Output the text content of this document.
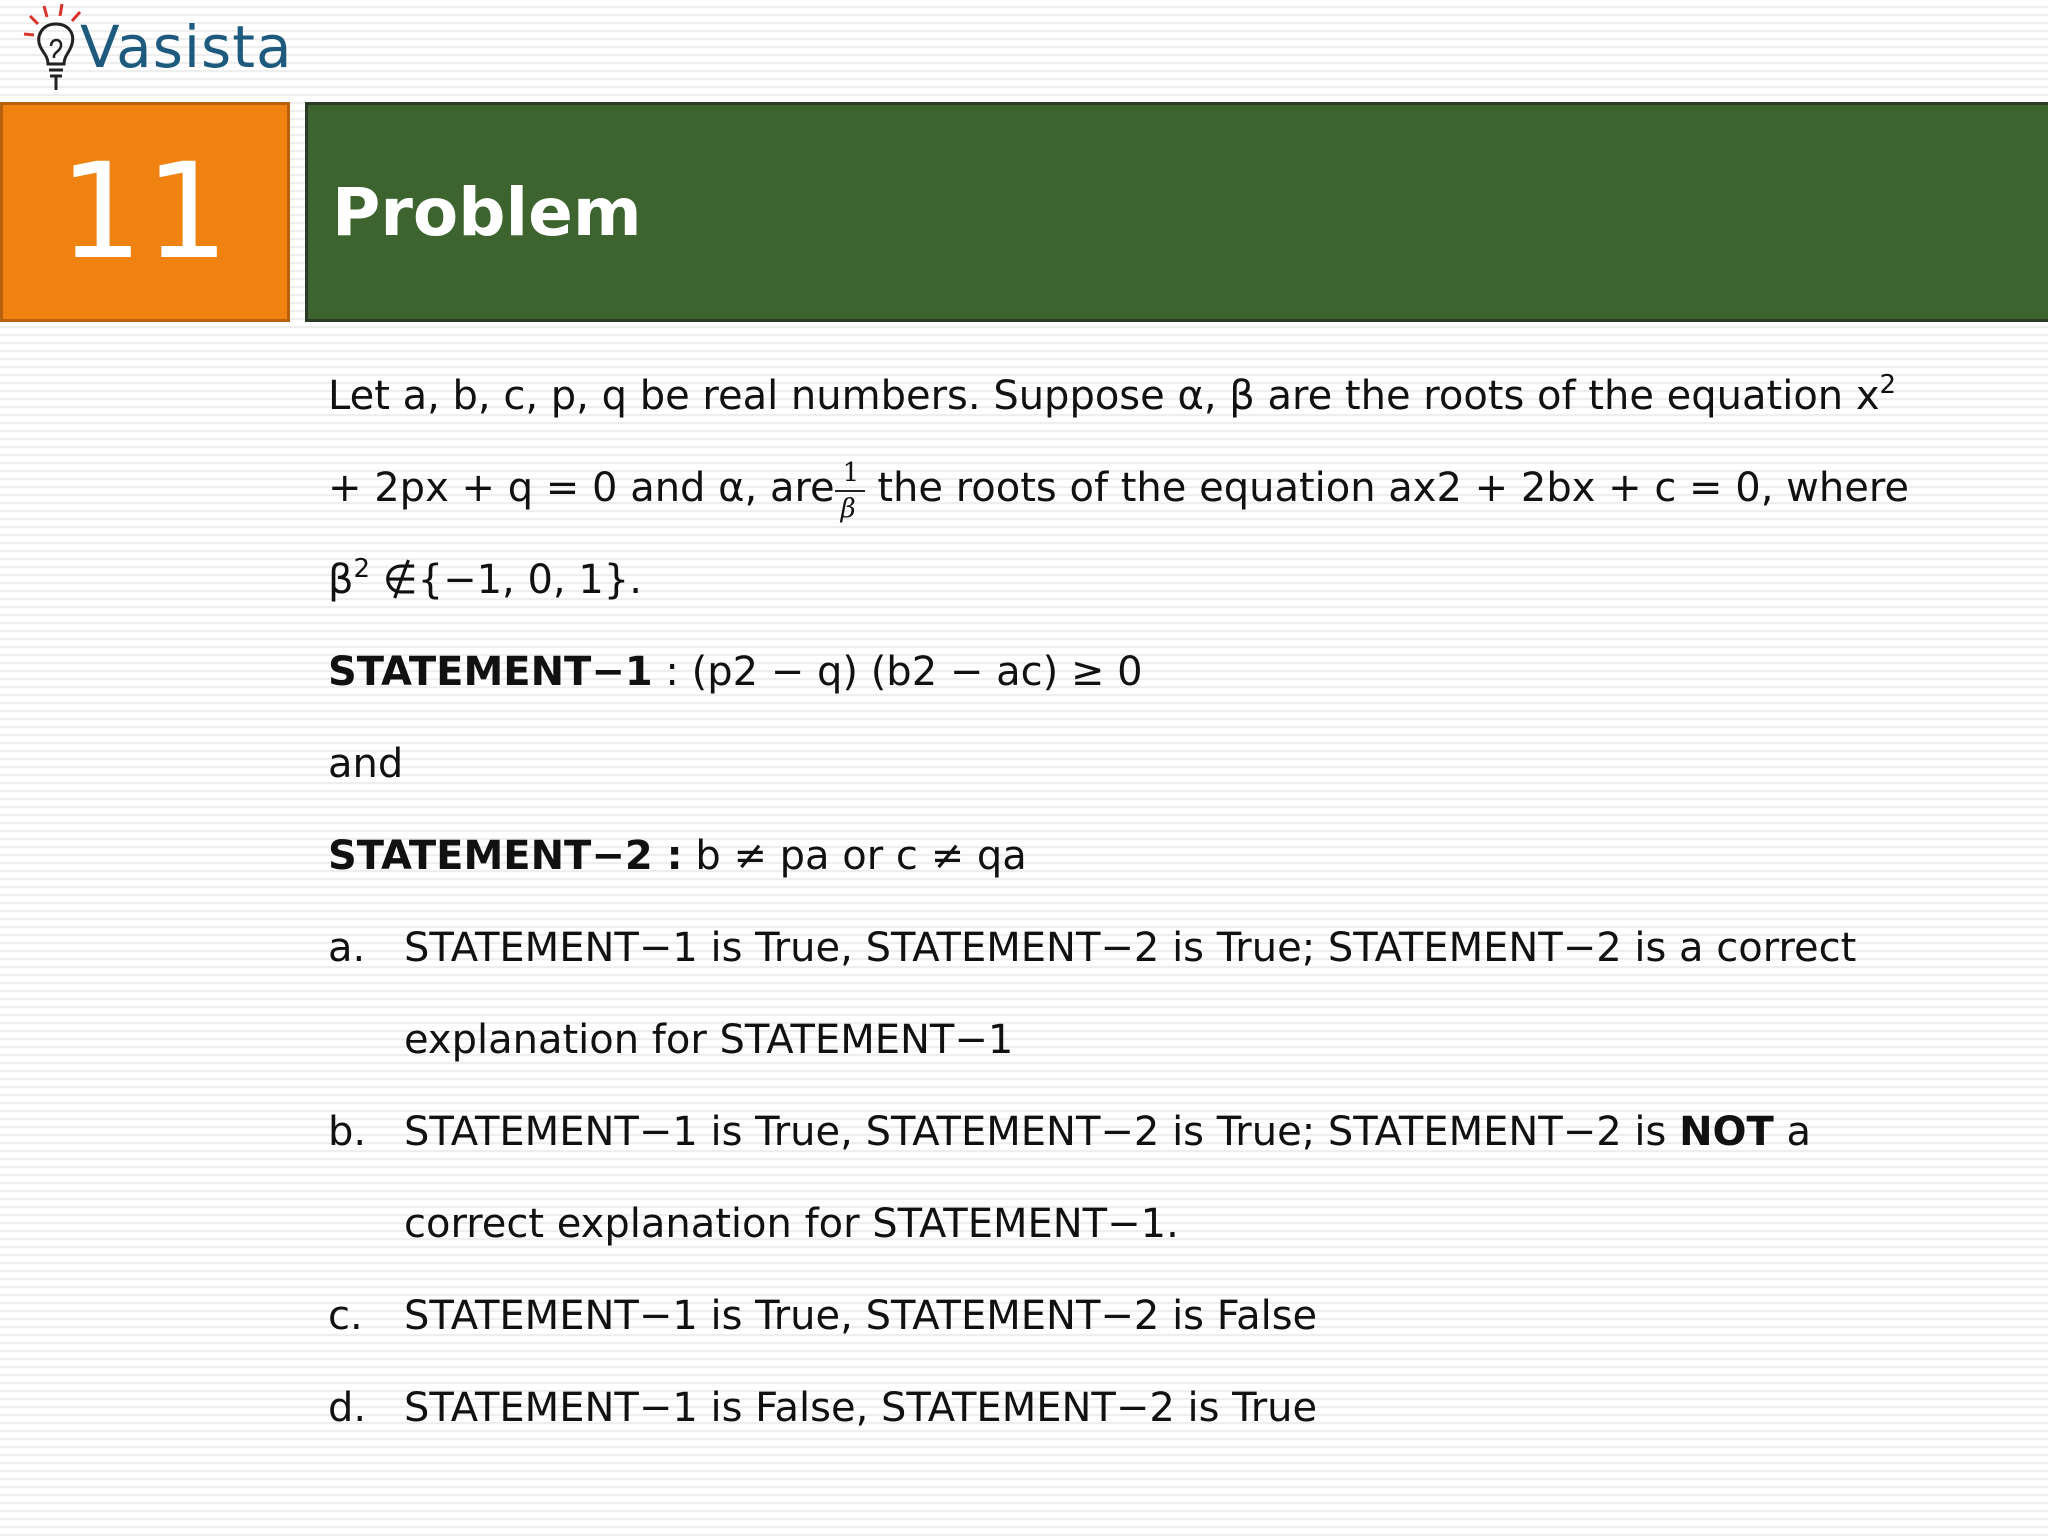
Vasista
11 Problem
Let a, b, c, p, q be real numbers. Suppose α, β are the roots of the equation $x^2$
+ 2px + q = 0 and α, are $\frac{1}{\beta}$ the roots of the equation ax2 + 2bx + c = 0, where
$\beta^2$ ∉{−1, 0, 1}.
STATEMENT−1 : (p2 − q) (b2 − ac) ≥ 0
and
STATEMENT−2 : b ≠ pa or c ≠ qa
a. STATEMENT−1 is True, STATEMENT−2 is True; STATEMENT−2 is a correct
explanation for STATEMENT−1
b. STATEMENT−1 is True, STATEMENT−2 is True; STATEMENT−2 is NOT a
correct explanation for STATEMENT−1.
c.	STATEMENT−1 is True, STATEMENT−2 is False
d. STATEMENT−1 is False, STATEMENT−2 is True
